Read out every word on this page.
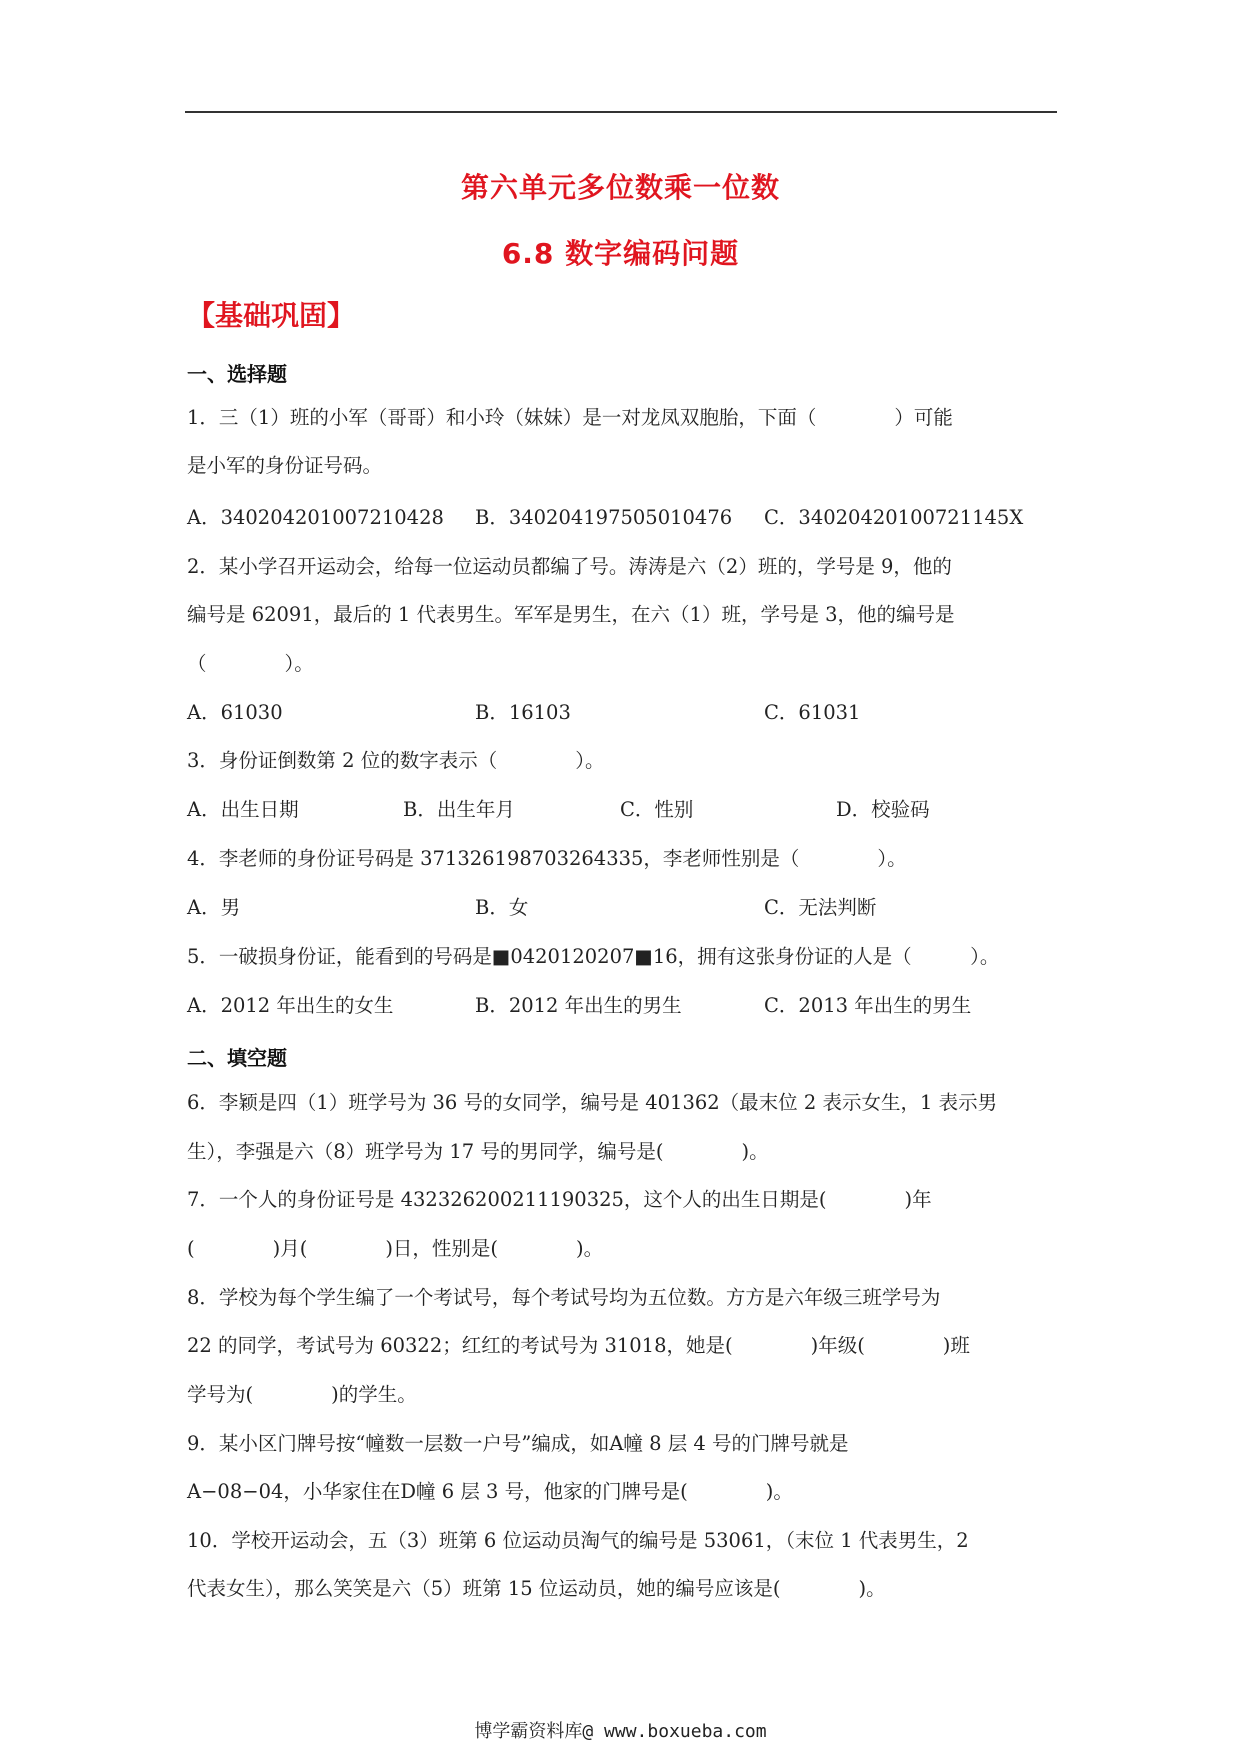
第六单元多位数乘一位数
6.8 数字编码问题
【基础巩固】
一、选择题
1．三（1）班的小军（哥哥）和小玲（妹妹）是一对龙凤双胞胎，下面（　　　　）可能
是小军的身份证号码。
A．340204201007210428 B．340204197505010476 C．34020420100721145X
2．某小学召开运动会，给每一位运动员都编了号。涛涛是六（2）班的，学号是 9，他的
编号是 62091，最后的 1 代表男生。军军是男生，在六（1）班，学号是 3，他的编号是
（　　　　）。
A．61030	B．16103	C．61031
3．身份证倒数第 2 位的数字表示（　　　　）。
A．出生日期	B．出生年月	C．性别	D．校验码
4．李老师的身份证号码是 371326198703264335，李老师性别是（　　　　）。
A．男	B．女	C．无法判断
5．一破损身份证，能看到的号码是■0420120207■16，拥有这张身份证的人是（　　　）。
A．2012 年出生的女生	B．2012 年出生的男生	C．2013 年出生的男生
二、填空题
6．李颖是四（1）班学号为 36 号的女同学，编号是 401362（最末位 2 表示女生，1 表示男
生），李强是六（8）班学号为 17 号的男同学，编号是(　　　　)。
7．一个人的身份证号是 432326200211190325，这个人的出生日期是(　　　　)年
(　　　　)月(　　　　)日，性别是(　　　　)。
8．学校为每个学生编了一个考试号，每个考试号均为五位数。方方是六年级三班学号为
22 的同学，考试号为 60322；红红的考试号为 31018，她是(　　　　)年级(　　　　)班
学号为(　　　　)的学生。
9．某小区门牌号按“幢数一层数一户号”编成，如A幢 8 层 4 号的门牌号就是
A−08−04，小华家住在D幢 6 层 3 号，他家的门牌号是(　　　　)。
10．学校开运动会，五（3）班第 6 位运动员淘气的编号是 53061，（末位 1 代表男生，2
代表女生），那么笑笑是六（5）班第 15 位运动员，她的编号应该是(　　　　)。
博学霸资料库@ www.boxueba.com
